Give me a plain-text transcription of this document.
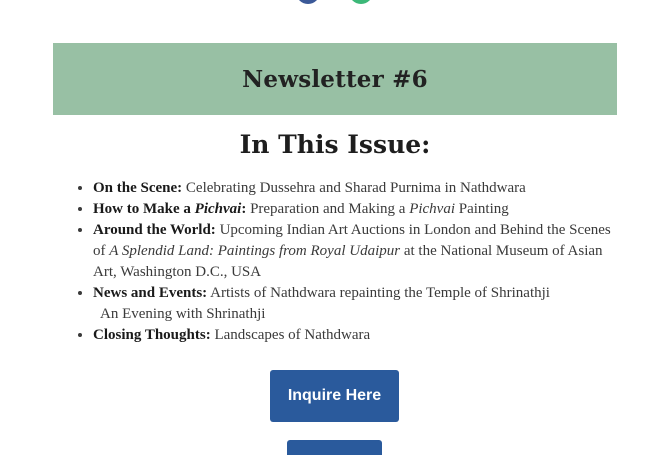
Newsletter #6
In This Issue:
• On the Scene: Celebrating Dussehra and Sharad Purnima in Nathdwara
• How to Make a Pichvai: Preparation and Making a Pichvai Painting
• Around the World: Upcoming Indian Art Auctions in London and Behind the Scenes of A Splendid Land: Paintings from Royal Udaipur at the National Museum of Asian Art, Washington D.C., USA
• News and Events: Artists of Nathdwara repainting the Temple of Shrinathji
An Evening with Shrinathji
• Closing Thoughts: Landscapes of Nathdwara
Inquire Here
